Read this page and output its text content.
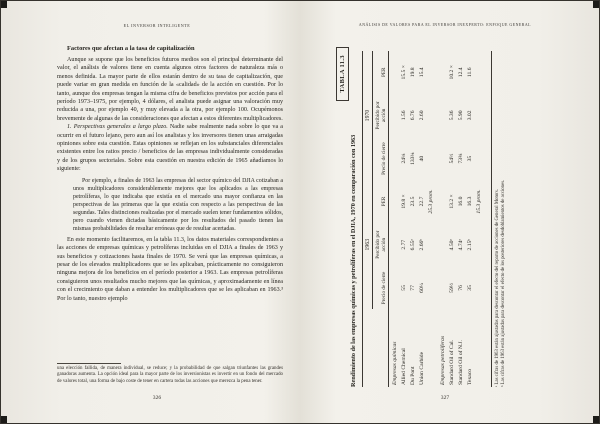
EL INVERSOR INTELIGENTE
Factores que afectan a la tasa de capitalización

Aunque se supone que los beneficios futuros medios son el principal determinante del valor, el análisis de valores tiene en cuenta algunos otros factores de naturaleza más o menos definida. La mayor parte de ellos estarán dentro de su tasa de capitalización, que puede variar en gran medida en función de la «calidad» de la acción en cuestión. Por lo tanto, aunque dos empresas tengan la misma cifra de beneficios previstos por acción para el período 1973–1975, por ejemplo, 4 dólares, el analista puede asignar una valoración muy reducida a una, por ejemplo 40, y muy elevada a la otra, por ejemplo 100. Ocupémonos brevemente de algunas de las consideraciones que afectan a estos diferentes multiplicadores.

1. Perspectivas generales a largo plazo. Nadie sabe realmente nada sobre lo que va a ocurrir en el futuro lejano, pero aun así los analistas y los inversores tienen unas arraigadas opiniones sobre esta cuestión. Estas opiniones se reflejan en los substanciales diferenciales existentes entre los ratios precio / beneficios de las empresas individualmente consideradas y de los grupos sectoriales. Sobre esta cuestión en nuestra edición de 1965 añadíamos lo siguiente:

Por ejemplo, a finales de 1963 las empresas del sector químico del DJIA cotizaban a unos multiplicadores considerablemente mejores que los aplicados a las empresas petrolíferas, lo que indicaba que existía en el mercado una mayor confianza en las perspectivas de las primeras que la que existía con respecto a las perspectivas de las segundas. Tales distinciones realizadas por el mercado suelen tener fundamentos sólidos, pero cuando vienen dictadas básicamente por los resultados del pasado tienen las mismas probabilidades de resultar erróneas que de resultar acertadas.

En este momento facilitaremos, en la tabla 11.3, los datos materiales correspondientes a las acciones de empresas químicas y petrolíferas incluidas en el DJIA a finales de 1963 y sus beneficios y cotizaciones hasta finales de 1970. Se verá que las empresas químicas, a pesar de los elevados multiplicadores que se les aplicaban, prácticamente no consiguieron ninguna mejora de los beneficios en el período posterior a 1963. Las empresas petrolíferas consiguieron unos resultados mucho mejores que las químicas, y aproximadamente en línea con el crecimiento que daban a entender los multiplicadores que se les aplicaban en 1963.³ Por lo tanto, nuestro ejemplo

una elección fallida, de manera individual, se reduce; y la probabilidad de que salgan triunfantes las grandes ganadoras aumenta. La opción ideal para la mayor parte de los inversionistas es invertir en un fondo del mercado de valores total, una forma de bajo coste de tener en cartera todas las acciones que merezca la pena tener.
326
ANÁLISIS DE VALORES PARA EL INVERSOR INEXPERTO: ENFOQUE GENERAL
TABLA 11.3
Rendimiento de las empresas químicas y petrolíferas en el DJIA, 1970 en comparación con 1963
	1963			1970		
	Precio de cierre	Percibido por acción	PER	Precio de cierre	Percibido por acción	PER
Empresas químicas						
Allied Chemical	55	2.77	19.8 ×	24⅛	1.56	15.5 ×
Du Pont	77	6.55ᵃ	23.5	133¾	6.76	19.8
Union Carbide	60¼	2.66ᵇ	22.7	40	2.60	15.4
			25.3 prom.			
Empresas petrolíferas						
Standard Oil of Cal.	59½	4.50ᵃ	13.2 ×	54½	5.36	10.2 ×
Standard Oil of N.J.	76	4.74ᵃ	16.0	73⅝	5.90	12.4
Texaco	35	2.15ᵇ	16.3	35	3.02	11.6
			15.3 prom.				ᵃ Las cifras de 1963 están ajustadas para descontar el efecto del reparto de acciones de General Motors. ᵇ Las cifras de 1963 están ajustadas para descontar el efecto de los posteriores desdoblamientos de acciones.
327
